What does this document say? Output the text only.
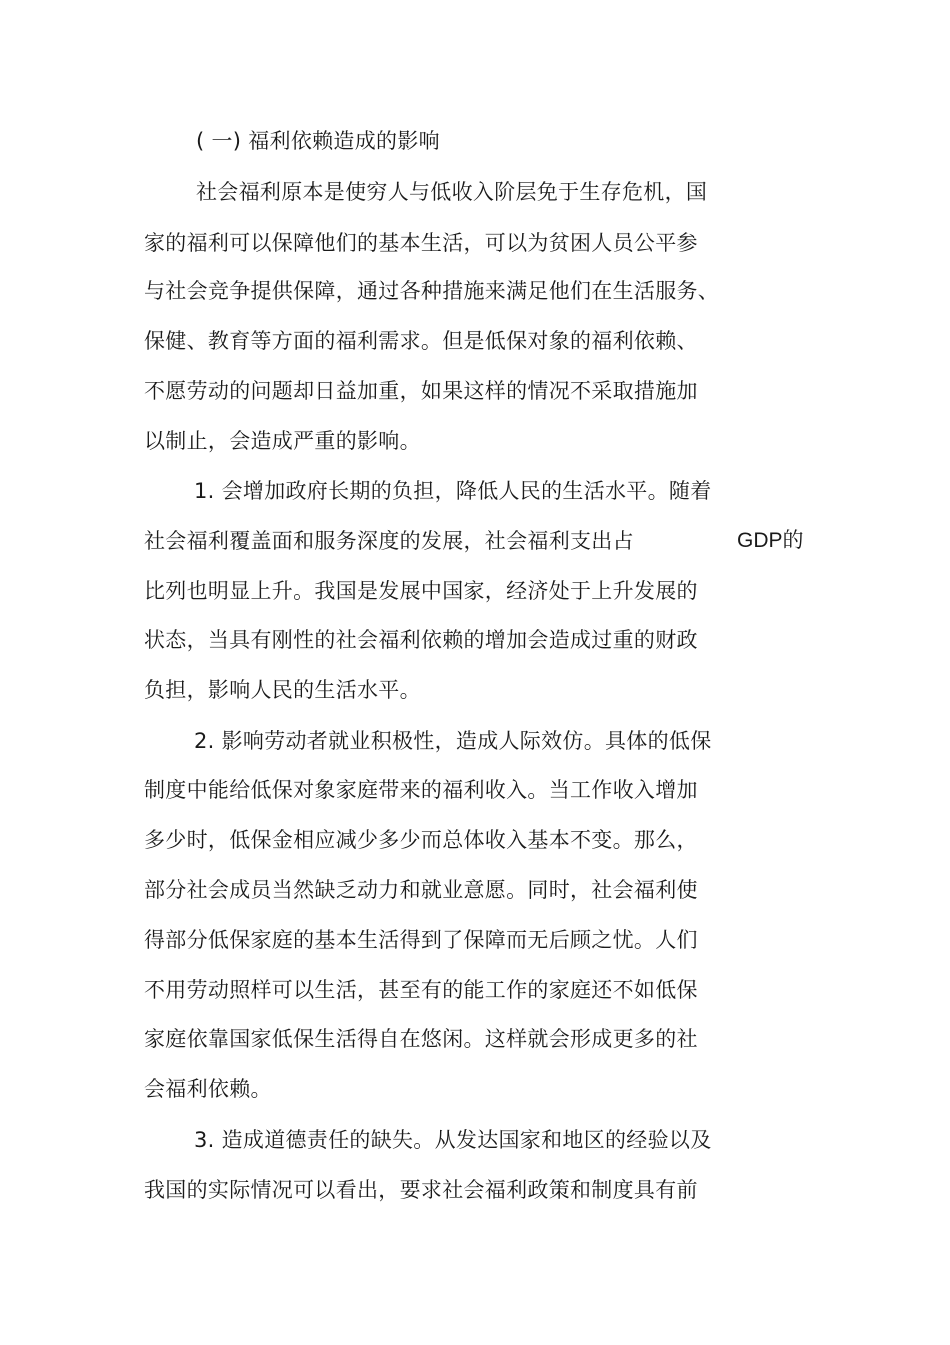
( 一) 福利依赖造成的影响
社会福利原本是使穷人与低收入阶层免于生存危机，国
家的福利可以保障他们的基本生活，可以为贫困人员公平参
与社会竞争提供保障，通过各种措施来满足他们在生活服务、
保健、教育等方面的福利需求。但是低保对象的福利依赖、
不愿劳动的问题却日益加重，如果这样的情况不采取措施加
以制止，会造成严重的影响。
1. 会增加政府长期的负担，降低人民的生活水平。随着
社会福利覆盖面和服务深度的发展，社会福利支出占	GDP的
比列也明显上升。我国是发展中国家，经济处于上升发展的
状态，当具有刚性的社会福利依赖的增加会造成过重的财政
负担，影响人民的生活水平。
2. 影响劳动者就业积极性，造成人际效仿。具体的低保
制度中能给低保对象家庭带来的福利收入。当工作收入增加
多少时，低保金相应减少多少而总体收入基本不变。那么，
部分社会成员当然缺乏动力和就业意愿。同时，社会福利使
得部分低保家庭的基本生活得到了保障而无后顾之忧。人们
不用劳动照样可以生活，甚至有的能工作的家庭还不如低保
家庭依靠国家低保生活得自在悠闲。这样就会形成更多的社
会福利依赖。
3. 造成道德责任的缺失。从发达国家和地区的经验以及
我国的实际情况可以看出，要求社会福利政策和制度具有前
